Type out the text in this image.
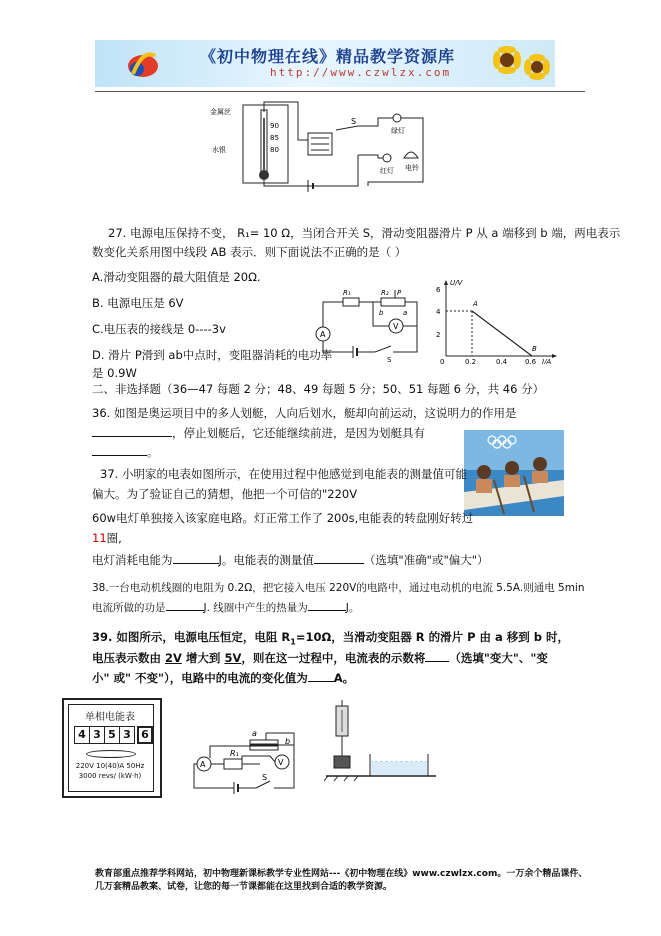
《初中物理在线》精品教学资源库
http://www.czwlzx.com
金属丝
水银
90
85
80
S
绿灯
红灯 电铃
27. 电源电压保持不变， R₁= 10 Ω，当闭合开关 S，滑动变阻器滑片 P 从 a 端移到 b 端，两电表示
数变化关系用图中线段 AB 表示．则下面说法不正确的是（ ）
A.滑动变阻器的最大阻值是 20Ω.
B. 电源电压是 6V
C.电压表的接线是 0----3v
D. 滑片 P滑到 ab中点时，变阻器消耗的电功率
是 0.9W
R₁	R₂ P
b	a
A
S
V
U/V
I/A
6
4
2
0	0.2	0.4	0.6
A
B
二、非选择题（36—47 每题 2 分；48、49 每题 5 分；50、51 每题 6 分，共 46 分）
36. 如图是奥运项目中的多人划艇，人向后划水，艇却向前运动，这说明力的作用是
，停止划艇后，它还能继续前进，是因为划艇具有
。
37. 小明家的电表如图所示，在使用过程中他感觉到电能表的测量值可能
偏大。为了验证自己的猜想，他把一个可信的"220V
60w电灯单独接入该家庭电路。灯正常工作了 200s,电能表的转盘刚好转过
11圈,
电灯消耗电能为	J。电能表的测量值	（选填"准确"或"偏大"）
38.一台电动机线圈的电阻为 0.2Ω，把它接入电压 220V的电路中，通过电动机的电流 5.5A.则通电 5min
电流所做的功是	J. 线圈中产生的热量为	J。
39. 如图所示，电源电压恒定，电阻 $R_1=10\Omega$，当滑动变阻器 R 的滑片 P 由 a 移到 b 时，
电压表示数由 2V 增大到 5V，则在这一过程中，电流表的示数将 （选填"变大"、"变
小" 或" 不变"），电路中的电流的变化值为 A。
单相电能表
4 3 5 3 6
220V 10(40)A 50Hz
3000 revs/ (kW·h)
a
b
A
R₁
V
S
教育部重点推荐学科网站，初中物理新课标教学专业性网站---《初中物理在线》www.czwlzx.com。一万余个精品课件、
几万套精品教案、试卷，让您的每一节课都能在这里找到合适的教学资源。
